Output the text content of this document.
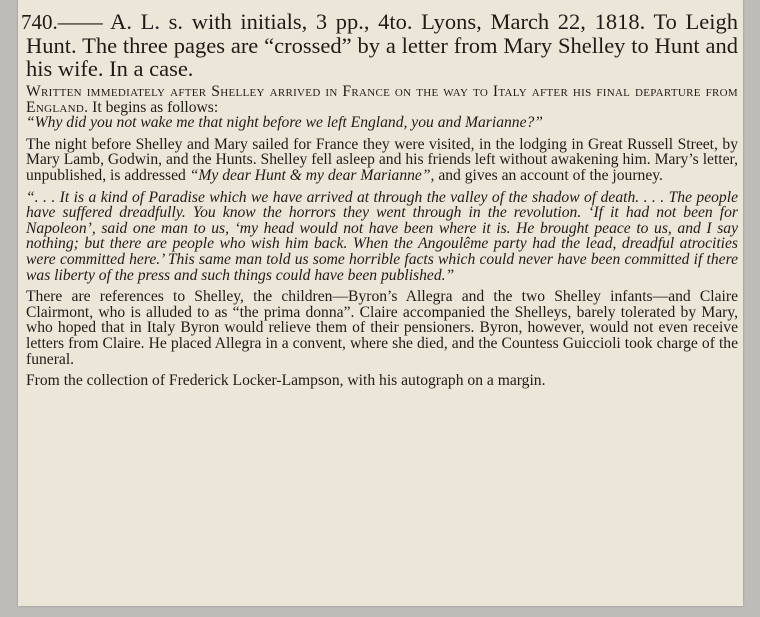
740.—— A. L. s. with initials, 3 pp., 4to. Lyons, March 22, 1818. To Leigh Hunt. The three pages are “crossed” by a letter from Mary Shelley to Hunt and his wife. In a case.

Written immediately after Shelley arrived in France on the way to Italy after his final departure from England. It begins as follows:

“Why did you not wake me that night before we left England, you and Marianne?”

The night before Shelley and Mary sailed for France they were visited, in the lodging in Great Russell Street, by Mary Lamb, Godwin, and the Hunts. Shelley fell asleep and his friends left without awakening him. Mary’s letter, unpublished, is addressed “My dear Hunt & my dear Marianne”, and gives an account of the journey.

“. . . It is a kind of Paradise which we have arrived at through the valley of the shadow of death. . . . The people have suffered dreadfully. You know the horrors they went through in the revolution. ‘If it had not been for Napoleon’, said one man to us, ‘my head would not have been where it is. He brought peace to us, and I say nothing; but there are people who wish him back. When the Angoulême party had the lead, dreadful atrocities were committed here.’ This same man told us some horrible facts which could never have been committed if there was liberty of the press and such things could have been published.”

There are references to Shelley, the children—Byron’s Allegra and the two Shelley infants—and Claire Clairmont, who is alluded to as “the prima donna”. Claire accompanied the Shelleys, barely tolerated by Mary, who hoped that in Italy Byron would relieve them of their pensioners. Byron, however, would not even receive letters from Claire. He placed Allegra in a convent, where she died, and the Countess Guiccioli took charge of the funeral.

From the collection of Frederick Locker-Lampson, with his autograph on a margin.
